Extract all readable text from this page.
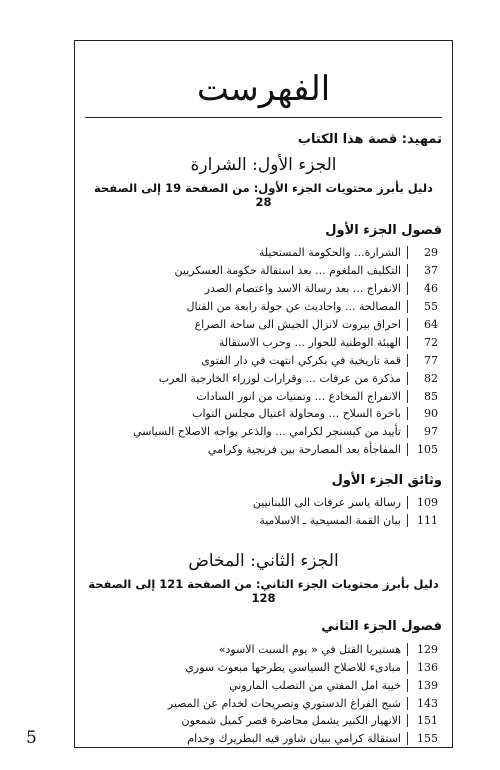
الفهرست
تمهيد: قصة هذا الكتاب
الجزء الأول: الشرارة
دليل بأبرز محتويات الجزء الأول: من الصفحة 19 إلى الصفحة 28
فصول الجزء الأول
29
الشرارة... والحكومة المستحيلة
37
التكليف الملغوم ... بعد استقالة حكومة العسكريين
46
الانفراج ... بعد رسالة الاسد واعتصام الصدر
55
المصالحة ... واحاديث عن جولة رابعة من القتال
64
احراق بيروت لانزال الجيش الى ساحة الصراع
72
الهيئة الوطنية للحوار ... وحرب الاستقالة
77
قمة تاريخية في بكركي انتهت في دار الفتوى
82
مذكرة من عرفات ... وقرارات لوزراء الخارجية العرب
85
الانفراج المخادع ... وتمنيات من انور السادات
90
باخرة السلاح ... ومحاولة اغتيال مجلس النواب
97
تأييد من كيسنجر لكرامي ... والذعر يواجه الاصلاح السياسي
105
المفاجأة بعد المصارحة بين فرنجية وكرامي
وثائق الجزء الأول
109
رسالة ياسر عرفات الى اللبنانيين
111
بيان القمة المسيحية ـ الاسلامية
الجزء الثاني: المخاض
دليل بأبرز محتويات الجزء الثاني: من الصفحة 121 إلى الصفحة 128
فصول الجزء الثاني
129
هستيريا القتل في « يوم السبت الاسود»
136
مبادىء للاصلاح السياسي يطرحها مبعوث سوري
139
خيبة امل المفتي من التصلب الماروني
143
شبح الفراغ الدستوري وتصريحات لخدام عن المصير
151
الانهيار الكبير يشمل محاضرة قصر كميل شمعون
155
استقالة كرامي ببيان شاور فيه البطريرك وخدام
5
